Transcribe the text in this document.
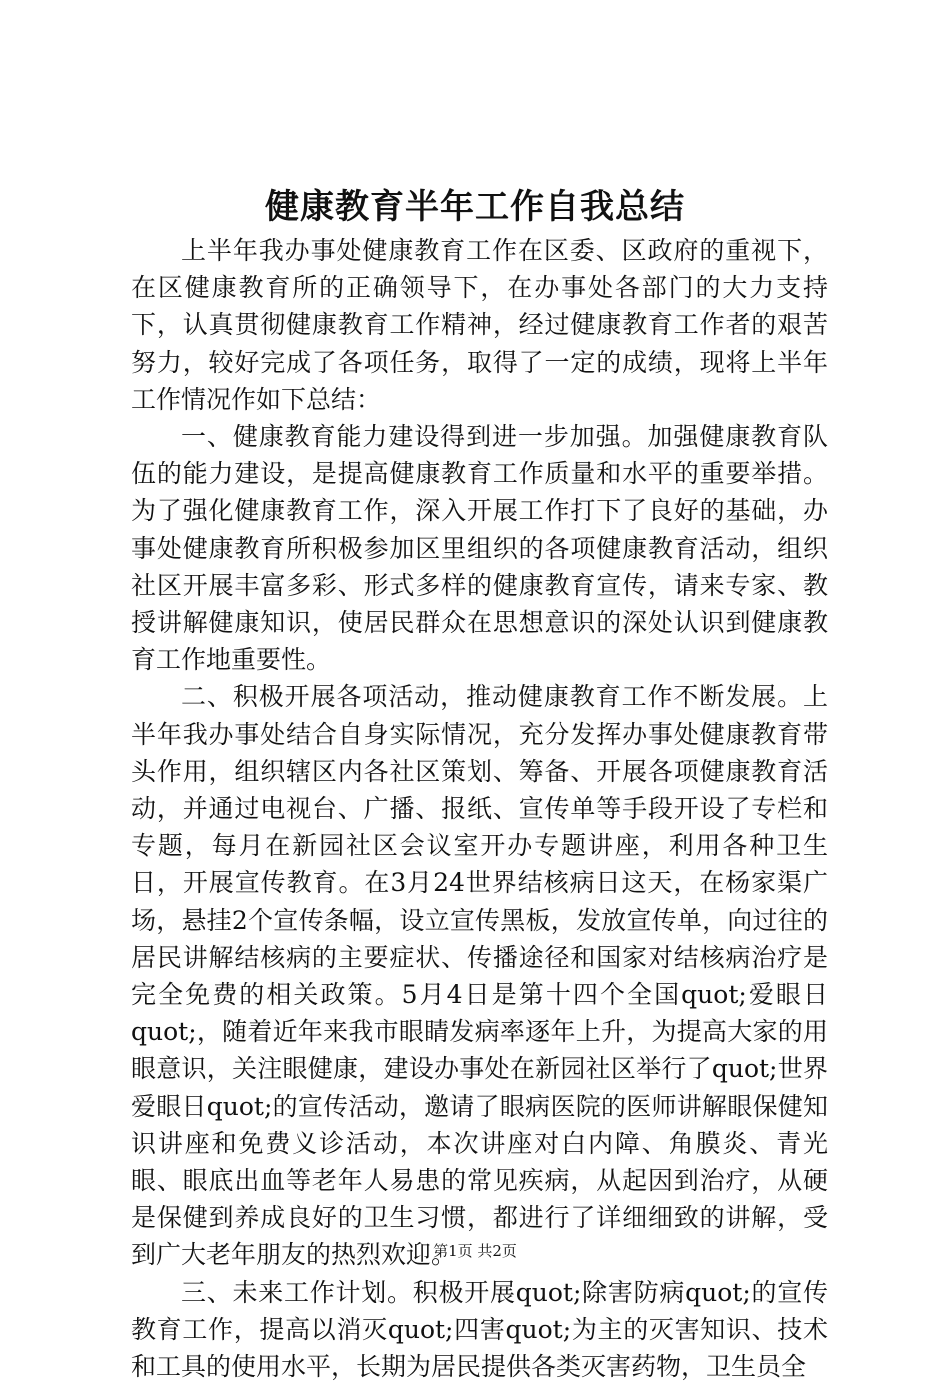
健康教育半年工作自我总结

上半年我办事处健康教育工作在区委、区政府的重视下，在区健康教育所的正确领导下，在办事处各部门的大力支持下，认真贯彻健康教育工作精神，经过健康教育工作者的艰苦努力，较好完成了各项任务，取得了一定的成绩，现将上半年工作情况作如下总结：

一、健康教育能力建设得到进一步加强。加强健康教育队伍的能力建设，是提高健康教育工作质量和水平的重要举措。为了强化健康教育工作，深入开展工作打下了良好的基础，办事处健康教育所积极参加区里组织的各项健康教育活动，组织社区开展丰富多彩、形式多样的健康教育宣传，请来专家、教授讲解健康知识，使居民群众在思想意识的深处认识到健康教育工作地重要性。

二、积极开展各项活动，推动健康教育工作不断发展。上半年我办事处结合自身实际情况，充分发挥办事处健康教育带头作用，组织辖区内各社区策划、筹备、开展各项健康教育活动，并通过电视台、广播、报纸、宣传单等手段开设了专栏和专题，每月在新园社区会议室开办专题讲座，利用各种卫生日，开展宣传教育。在3月24世界结核病日这天，在杨家渠广场，悬挂2个宣传条幅，设立宣传黑板，发放宣传单，向过往的居民讲解结核病的主要症状、传播途径和国家对结核病治疗是完全免费的相关政策。5月4日是第十四个全国quot;爱眼日quot;，随着近年来我市眼睛发病率逐年上升，为提高大家的用眼意识，关注眼健康，建设办事处在新园社区举行了quot;世界爱眼日quot;的宣传活动，邀请了眼病医院的医师讲解眼保健知识讲座和免费义诊活动，本次讲座对白内障、角膜炎、青光眼、眼底出血等老年人易患的常见疾病，从起因到治疗，从硬是保健到养成良好的卫生习惯，都进行了详细细致的讲解，受到广大老年朋友的热烈欢迎。

三、未来工作计划。积极开展quot;除害防病quot;的宣传教育工作，提高以消灭quot;四害quot;为主的灭害知识、技术和工具的使用水平，长期为居民提供各类灭害药物，卫生员全

第1页 共2页
